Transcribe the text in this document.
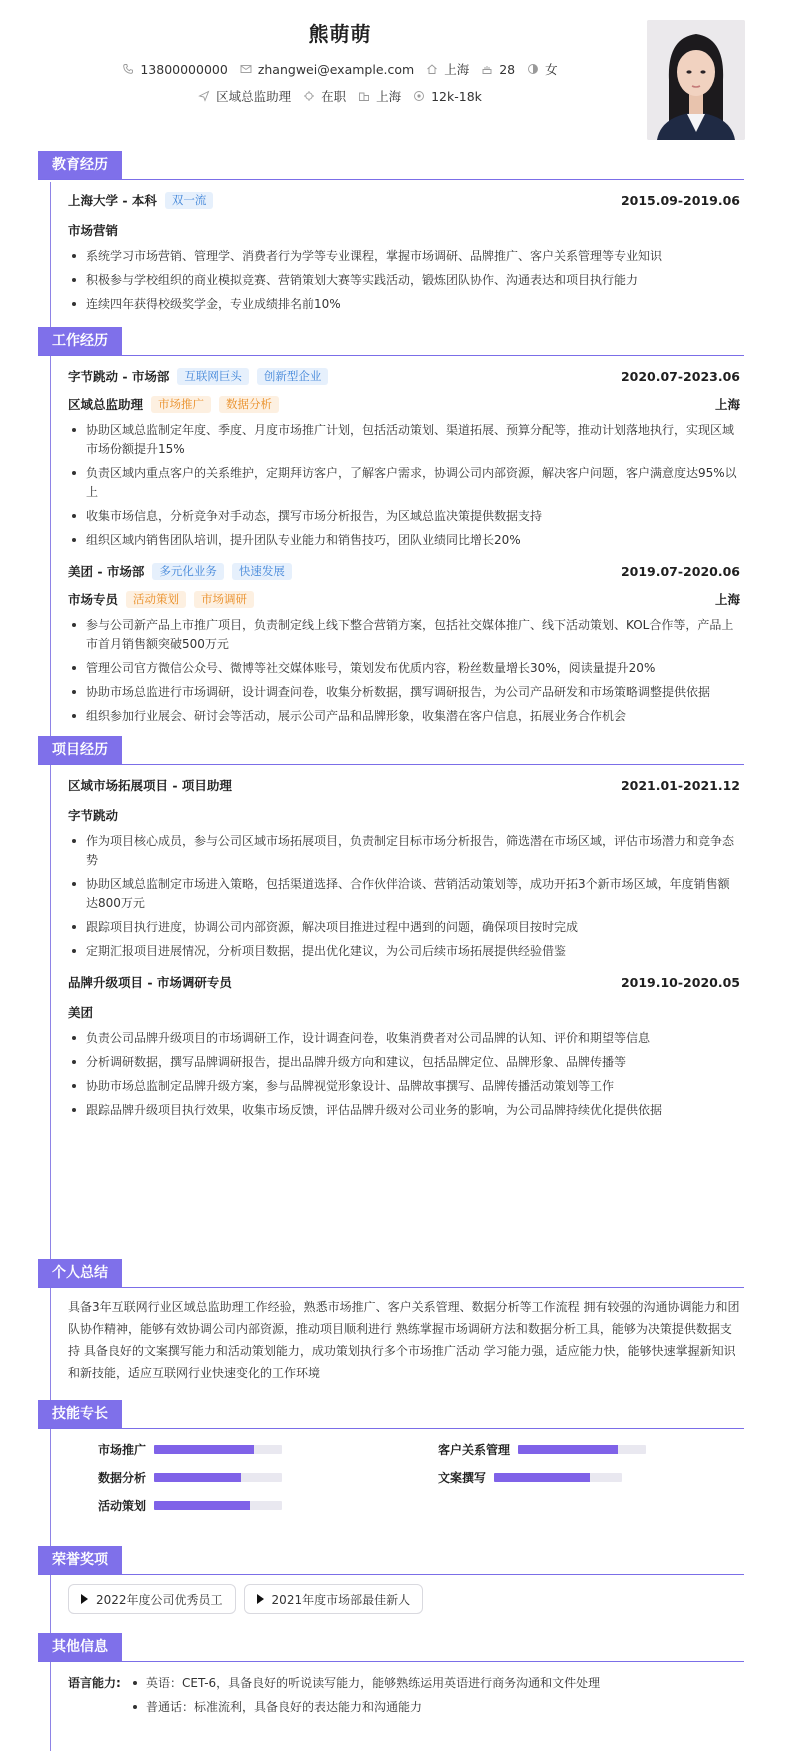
熊萌萌
13800000000 zhangwei@example.com 上海 28 女
区域总监助理 在职 上海 12k-18k
教育经历
上海大学 - 本科	双一流	2015.09-2019.06
市场营销
系统学习市场营销、管理学、消费者行为学等专业课程，掌握市场调研、品牌推广、客户关系管理等专业知识
积极参与学校组织的商业模拟竞赛、营销策划大赛等实践活动，锻炼团队协作、沟通表达和项目执行能力
连续四年获得校级奖学金，专业成绩排名前10%
工作经历
字节跳动 - 市场部	互联网巨头	创新型企业	2020.07-2023.06
区域总监助理	市场推广	数据分析	上海
协助区域总监制定年度、季度、月度市场推广计划，包括活动策划、渠道拓展、预算分配等，推动计划落地执行，实现区域市场份额提升15%
负责区域内重点客户的关系维护，定期拜访客户，了解客户需求，协调公司内部资源，解决客户问题，客户满意度达95%以上
收集市场信息，分析竞争对手动态，撰写市场分析报告，为区域总监决策提供数据支持
组织区域内销售团队培训，提升团队专业能力和销售技巧，团队业绩同比增长20%
美团 - 市场部	多元化业务	快速发展	2019.07-2020.06
市场专员	活动策划	市场调研	上海
参与公司新产品上市推广项目，负责制定线上线下整合营销方案，包括社交媒体推广、线下活动策划、KOL合作等，产品上市首月销售额突破500万元
管理公司官方微信公众号、微博等社交媒体账号，策划发布优质内容，粉丝数量增长30%，阅读量提升20%
协助市场总监进行市场调研，设计调查问卷，收集分析数据，撰写调研报告，为公司产品研发和市场策略调整提供依据
组织参加行业展会、研讨会等活动，展示公司产品和品牌形象，收集潜在客户信息，拓展业务合作机会
项目经历
区域市场拓展项目 - 项目助理	2021.01-2021.12
字节跳动
作为项目核心成员，参与公司区域市场拓展项目，负责制定目标市场分析报告，筛选潜在市场区域，评估市场潜力和竞争态势
协助区域总监制定市场进入策略，包括渠道选择、合作伙伴洽谈、营销活动策划等，成功开拓3个新市场区域，年度销售额达800万元
跟踪项目执行进度，协调公司内部资源，解决项目推进过程中遇到的问题，确保项目按时完成
定期汇报项目进展情况，分析项目数据，提出优化建议，为公司后续市场拓展提供经验借鉴
品牌升级项目 - 市场调研专员	2019.10-2020.05
美团
负责公司品牌升级项目的市场调研工作，设计调查问卷，收集消费者对公司品牌的认知、评价和期望等信息
分析调研数据，撰写品牌调研报告，提出品牌升级方向和建议，包括品牌定位、品牌形象、品牌传播等
协助市场总监制定品牌升级方案，参与品牌视觉形象设计、品牌故事撰写、品牌传播活动策划等工作
跟踪品牌升级项目执行效果，收集市场反馈，评估品牌升级对公司业务的影响，为公司品牌持续优化提供依据
个人总结
具备3年互联网行业区域总监助理工作经验，熟悉市场推广、客户关系管理、数据分析等工作流程 拥有较强的沟通协调能力和团队协作精神，能够有效协调公司内部资源，推动项目顺利进行 熟练掌握市场调研方法和数据分析工具，能够为决策提供数据支持 具备良好的文案撰写能力和活动策划能力，成功策划执行多个市场推广活动 学习能力强，适应能力快，能够快速掌握新知识和新技能，适应互联网行业快速变化的工作环境
技能专长
市场推广	客户关系管理
数据分析	文案撰写
活动策划
荣誉奖项
2022年度公司优秀员工	2021年度市场部最佳新人
其他信息
语言能力:	英语：CET-6，具备良好的听说读写能力，能够熟练运用英语进行商务沟通和文件处理
普通话：标准流利，具备良好的表达能力和沟通能力
